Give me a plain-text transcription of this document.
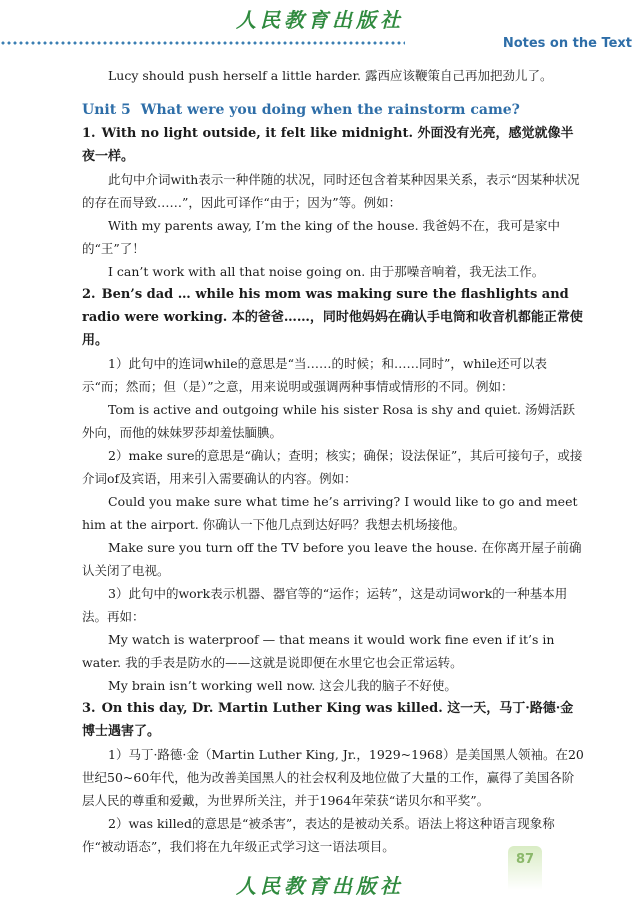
人民教育出版社
Notes on the Text

Lucy should push herself a little harder. 露西应该鞭策自己再加把劲儿了。

Unit 5 What were you doing when the rainstorm came?

1. With no light outside, it felt like midnight. 外面没有光亮，感觉就像半夜一样。

此句中介词with表示一种伴随的状况，同时还包含着某种因果关系，表示“因某种状况的存在而导致……”，因此可译作“由于；因为”等。例如：

With my parents away, I’m the king of the house. 我爸妈不在，我可是家中的“王”了！

I can’t work with all that noise going on. 由于那噪音响着，我无法工作。

2. Ben’s dad … while his mom was making sure the flashlights and radio were working. 本的爸爸……，同时他妈妈在确认手电筒和收音机都能正常使用。

1）此句中的连词while的意思是“当……的时候；和……同时”，while还可以表示“而；然而；但（是）”之意，用来说明或强调两种事情或情形的不同。例如：

Tom is active and outgoing while his sister Rosa is shy and quiet. 汤姆活跃外向，而他的妹妹罗莎却羞怯腼腆。

2）make sure的意思是“确认；查明；核实；确保；设法保证”，其后可接句子，或接介词of及宾语，用来引入需要确认的内容。例如：

Could you make sure what time he’s arriving? I would like to go and meet him at the airport. 你确认一下他几点到达好吗？我想去机场接他。

Make sure you turn off the TV before you leave the house. 在你离开屋子前确认关闭了电视。

3）此句中的work表示机器、器官等的“运作；运转”，这是动词work的一种基本用法。再如：

My watch is waterproof — that means it would work fine even if it’s in water. 我的手表是防水的——这就是说即便在水里它也会正常运转。

My brain isn’t working well now. 这会儿我的脑子不好使。

3. On this day, Dr. Martin Luther King was killed. 这一天，马丁·路德·金博士遇害了。

1）马丁·路德·金（Martin Luther King, Jr.，1929~1968）是美国黑人领袖。在20世纪50~60年代，他为改善美国黑人的社会权利及地位做了大量的工作，赢得了美国各阶层人民的尊重和爱戴，为世界所关注，并于1964年荣获“诺贝尔和平奖”。

2）was killed的意思是“被杀害”，表达的是被动关系。语法上将这种语言现象称作“被动语态”，我们将在九年级正式学习这一语法项目。

87
人民教育出版社
